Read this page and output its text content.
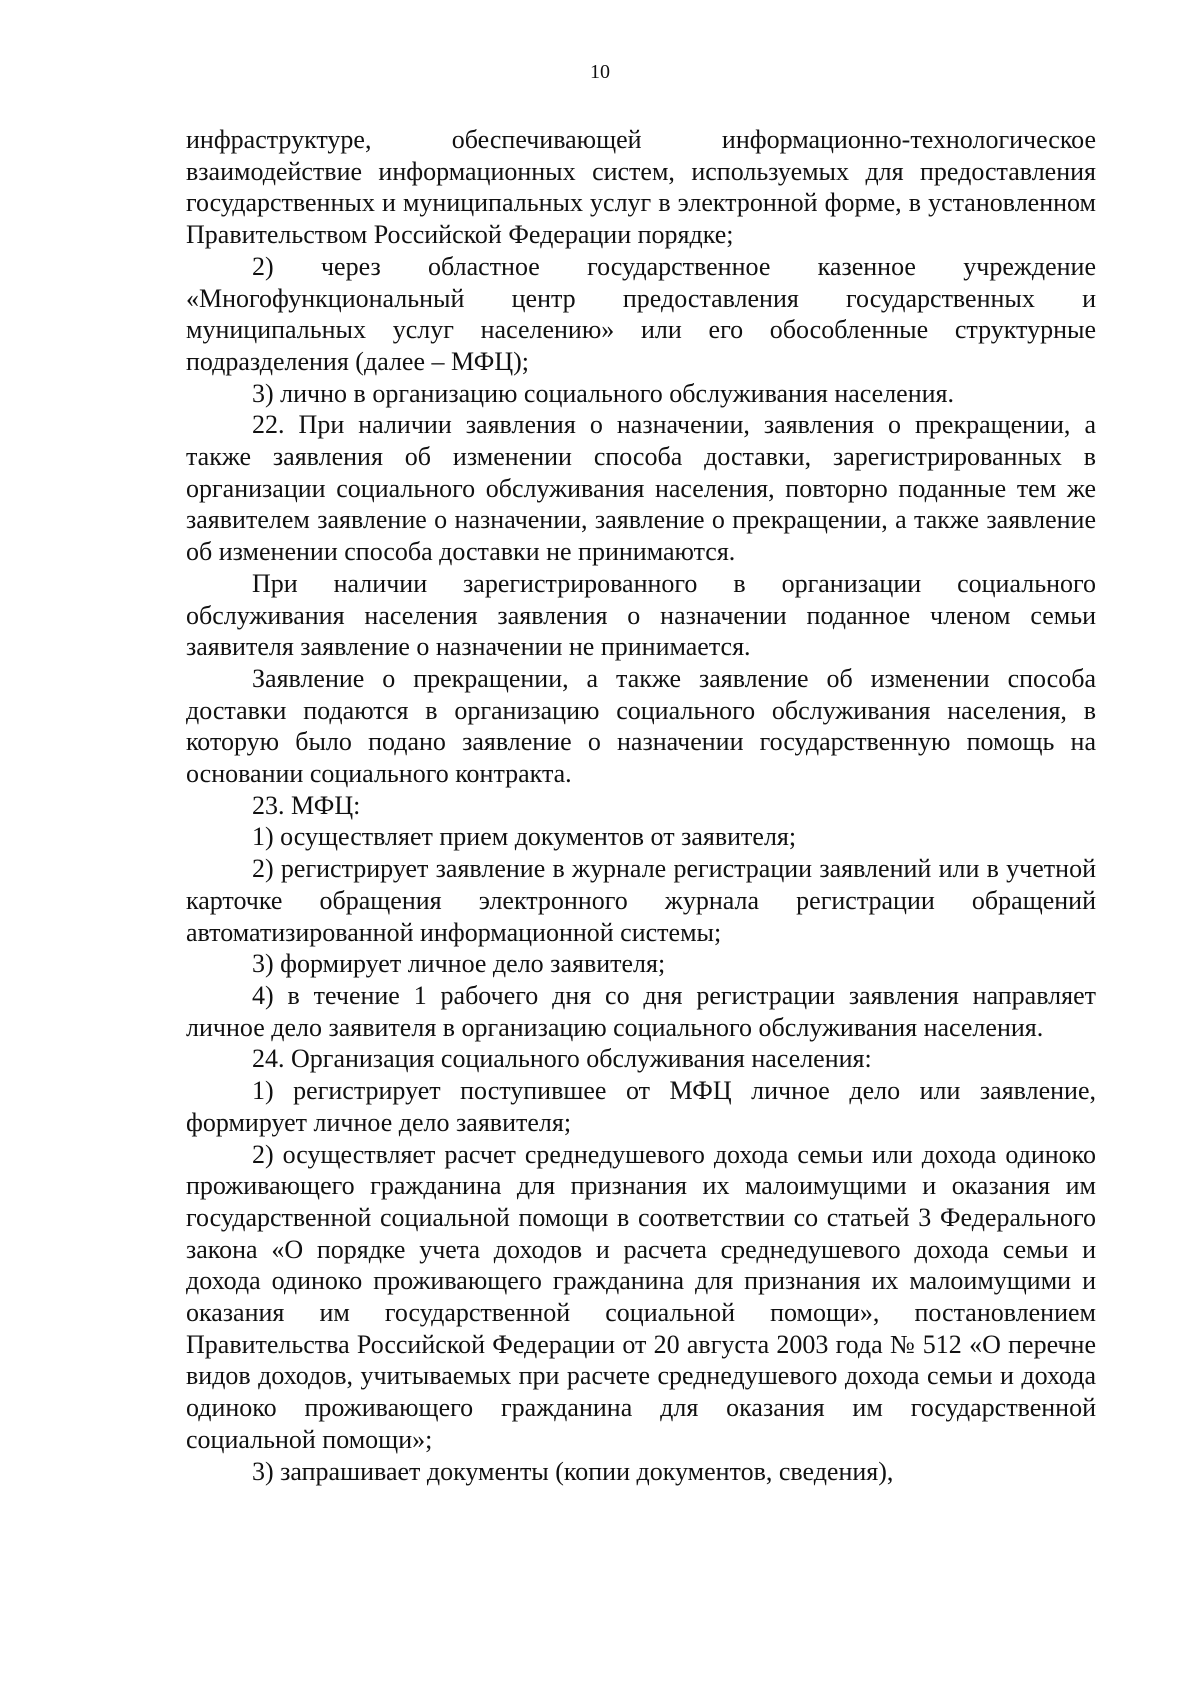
10

инфраструктуре, обеспечивающей информационно-технологическое взаимодействие информационных систем, используемых для предоставления государственных и муниципальных услуг в электронной форме, в установленном Правительством Российской Федерации порядке;

2) через областное государственное казенное учреждение «Многофункциональный центр предоставления государственных и муниципальных услуг населению» или его обособленные структурные подразделения (далее – МФЦ);

3) лично в организацию социального обслуживания населения.

22. При наличии заявления о назначении, заявления о прекращении, а также заявления об изменении способа доставки, зарегистрированных в организации социального обслуживания населения, повторно поданные тем же заявителем заявление о назначении, заявление о прекращении, а также заявление об изменении способа доставки не принимаются.

При наличии зарегистрированного в организации социального обслуживания населения заявления о назначении поданное членом семьи заявителя заявление о назначении не принимается.

Заявление о прекращении, а также заявление об изменении способа доставки подаются в организацию социального обслуживания населения, в которую было подано заявление о назначении государственную помощь на основании социального контракта.

23. МФЦ:

1) осуществляет прием документов от заявителя;

2) регистрирует заявление в журнале регистрации заявлений или в учетной карточке обращения электронного журнала регистрации обращений автоматизированной информационной системы;

3) формирует личное дело заявителя;

4) в течение 1 рабочего дня со дня регистрации заявления направляет личное дело заявителя в организацию социального обслуживания населения.

24. Организация социального обслуживания населения:

1) регистрирует поступившее от МФЦ личное дело или заявление, формирует личное дело заявителя;

2) осуществляет расчет среднедушевого дохода семьи или дохода одиноко проживающего гражданина для признания их малоимущими и оказания им государственной социальной помощи в соответствии со статьей 3 Федерального закона «О порядке учета доходов и расчета среднедушевого дохода семьи и дохода одиноко проживающего гражданина для признания их малоимущими и оказания им государственной социальной помощи», постановлением Правительства Российской Федерации от 20 августа 2003 года № 512 «О перечне видов доходов, учитываемых при расчете среднедушевого дохода семьи и дохода одиноко проживающего гражданина для оказания им государственной социальной помощи»;

3) запрашивает документы (копии документов, сведения),
